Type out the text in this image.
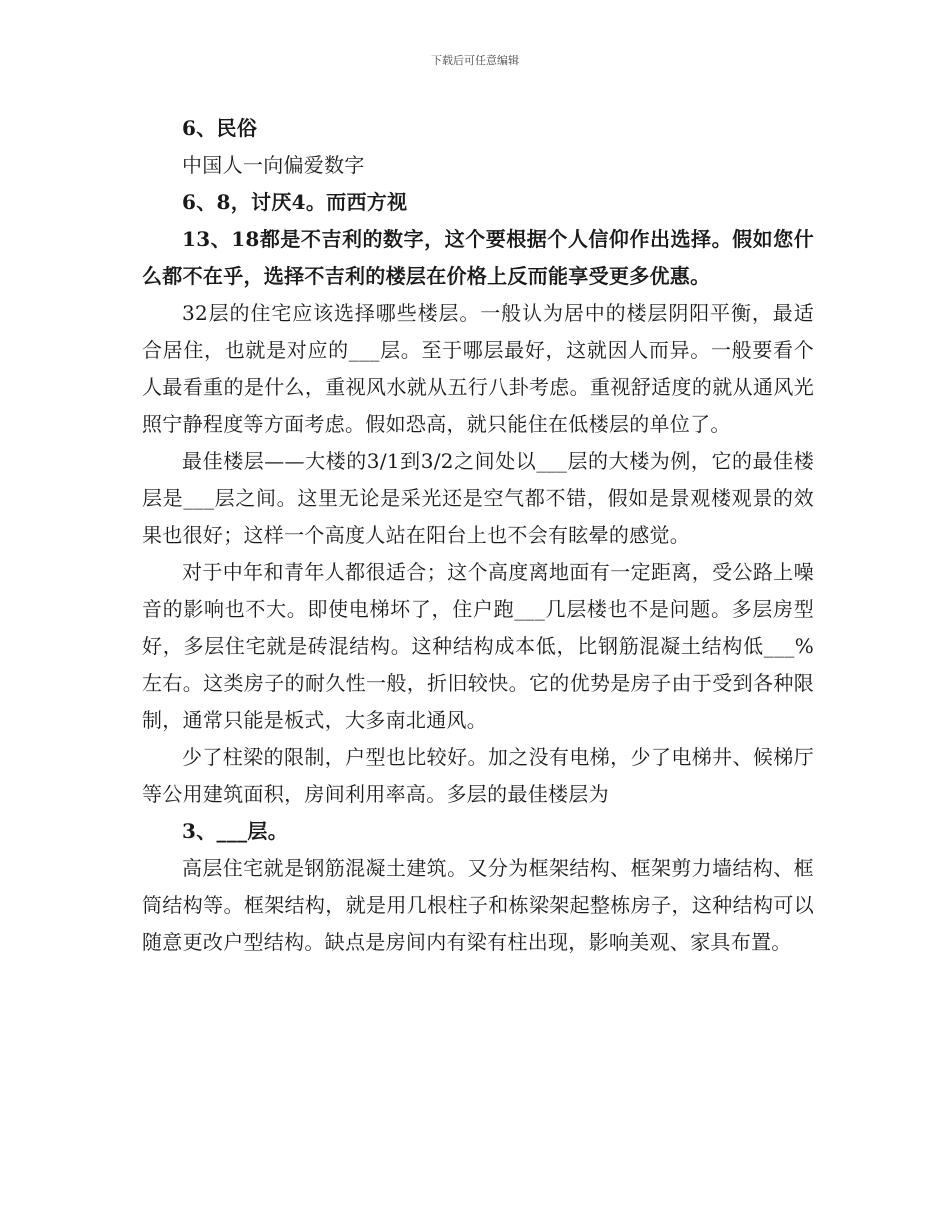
下载后可任意编辑

6、民俗

中国人一向偏爱数字

6、8，讨厌4。而西方视

13、18都是不吉利的数字，这个要根据个人信仰作出选择。假如您什么都不在乎，选择不吉利的楼层在价格上反而能享受更多优惠。

32层的住宅应该选择哪些楼层。一般认为居中的楼层阴阳平衡，最适合居住，也就是对应的___层。至于哪层最好，这就因人而异。一般要看个人最看重的是什么，重视风水就从五行八卦考虑。重视舒适度的就从通风光照宁静程度等方面考虑。假如恐高，就只能住在低楼层的单位了。

最佳楼层——大楼的3/1到3/2之间处以___层的大楼为例，它的最佳楼层是___层之间。这里无论是采光还是空气都不错，假如是景观楼观景的效果也很好；这样一个高度人站在阳台上也不会有眩晕的感觉。

对于中年和青年人都很适合；这个高度离地面有一定距离，受公路上噪音的影响也不大。即使电梯坏了，住户跑___几层楼也不是问题。多层房型好，多层住宅就是砖混结构。这种结构成本低，比钢筋混凝土结构低___%左右。这类房子的耐久性一般，折旧较快。它的优势是房子由于受到各种限制，通常只能是板式，大多南北通风。

少了柱梁的限制，户型也比较好。加之没有电梯，少了电梯井、候梯厅等公用建筑面积，房间利用率高。多层的最佳楼层为

3、___层。

高层住宅就是钢筋混凝土建筑。又分为框架结构、框架剪力墙结构、框筒结构等。框架结构，就是用几根柱子和栋梁架起整栋房子，这种结构可以随意更改户型结构。缺点是房间内有梁有柱出现，影响美观、家具布置。
